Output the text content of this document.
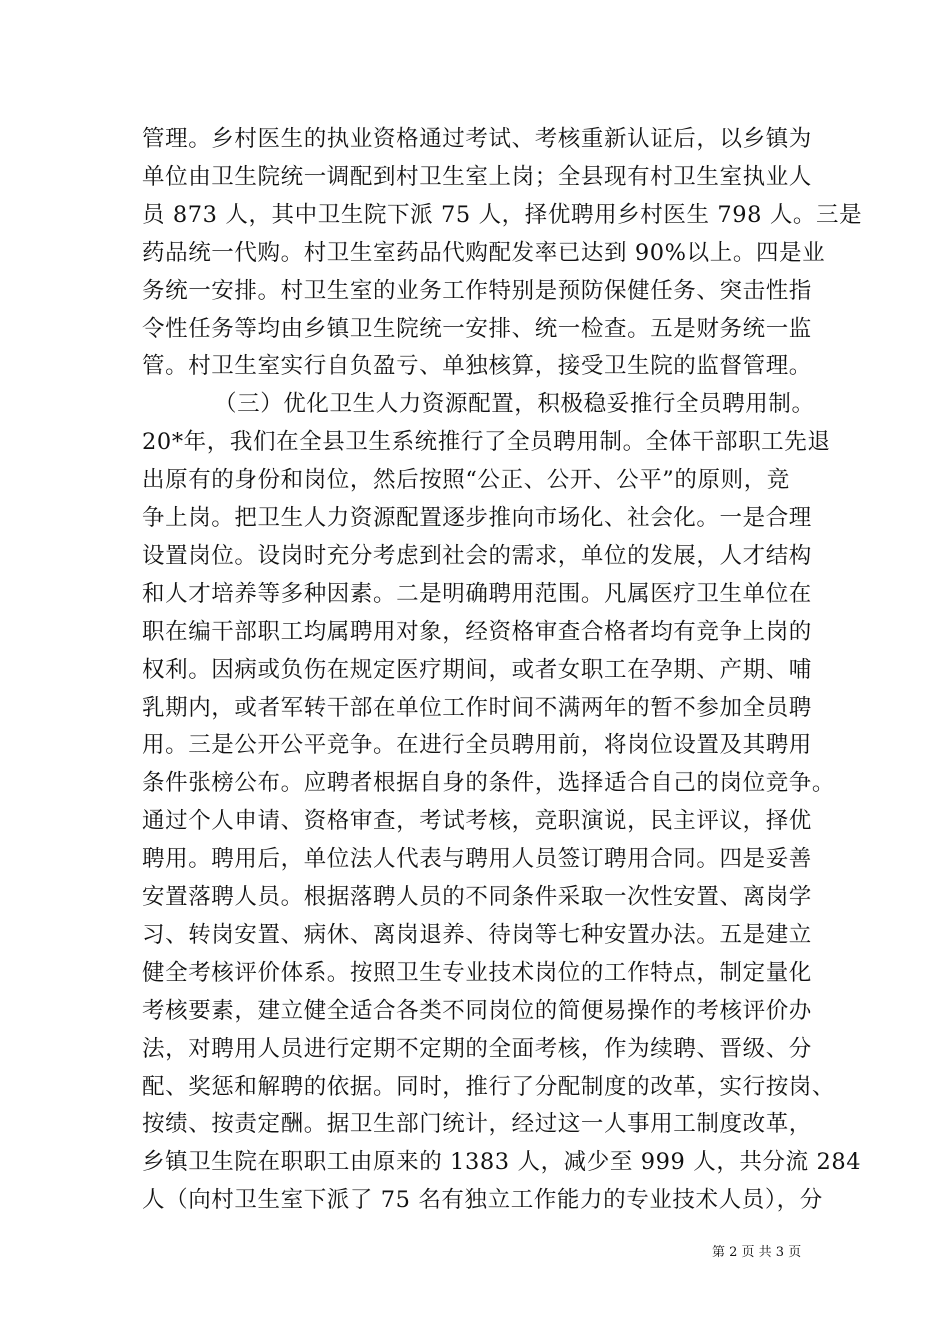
管理。乡村医生的执业资格通过考试、考核重新认证后，以乡镇为
单位由卫生院统一调配到村卫生室上岗；全县现有村卫生室执业人
员 873 人，其中卫生院下派 75 人，择优聘用乡村医生 798 人。三是
药品统一代购。村卫生室药品代购配发率已达到 90%以上。四是业
务统一安排。村卫生室的业务工作特别是预防保健任务、突击性指
令性任务等均由乡镇卫生院统一安排、统一检查。五是财务统一监
管。村卫生室实行自负盈亏、单独核算，接受卫生院的监督管理。
（三）优化卫生人力资源配置，积极稳妥推行全员聘用制。
20*年，我们在全县卫生系统推行了全员聘用制。全体干部职工先退
出原有的身份和岗位，然后按照“公正、公开、公平”的原则，竞
争上岗。把卫生人力资源配置逐步推向市场化、社会化。一是合理
设置岗位。设岗时充分考虑到社会的需求，单位的发展，人才结构
和人才培养等多种因素。二是明确聘用范围。凡属医疗卫生单位在
职在编干部职工均属聘用对象，经资格审查合格者均有竞争上岗的
权利。因病或负伤在规定医疗期间，或者女职工在孕期、产期、哺
乳期内，或者军转干部在单位工作时间不满两年的暂不参加全员聘
用。三是公开公平竞争。在进行全员聘用前，将岗位设置及其聘用
条件张榜公布。应聘者根据自身的条件，选择适合自己的岗位竞争。
通过个人申请、资格审查，考试考核，竞职演说，民主评议，择优
聘用。聘用后，单位法人代表与聘用人员签订聘用合同。四是妥善
安置落聘人员。根据落聘人员的不同条件采取一次性安置、离岗学
习、转岗安置、病休、离岗退养、待岗等七种安置办法。五是建立
健全考核评价体系。按照卫生专业技术岗位的工作特点，制定量化
考核要素，建立健全适合各类不同岗位的简便易操作的考核评价办
法，对聘用人员进行定期不定期的全面考核，作为续聘、晋级、分
配、奖惩和解聘的依据。同时，推行了分配制度的改革，实行按岗、
按绩、按责定酬。据卫生部门统计，经过这一人事用工制度改革，
乡镇卫生院在职职工由原来的 1383 人，减少至 999 人，共分流 284
人（向村卫生室下派了 75 名有独立工作能力的专业技术人员），分
第 2 页 共 3 页
